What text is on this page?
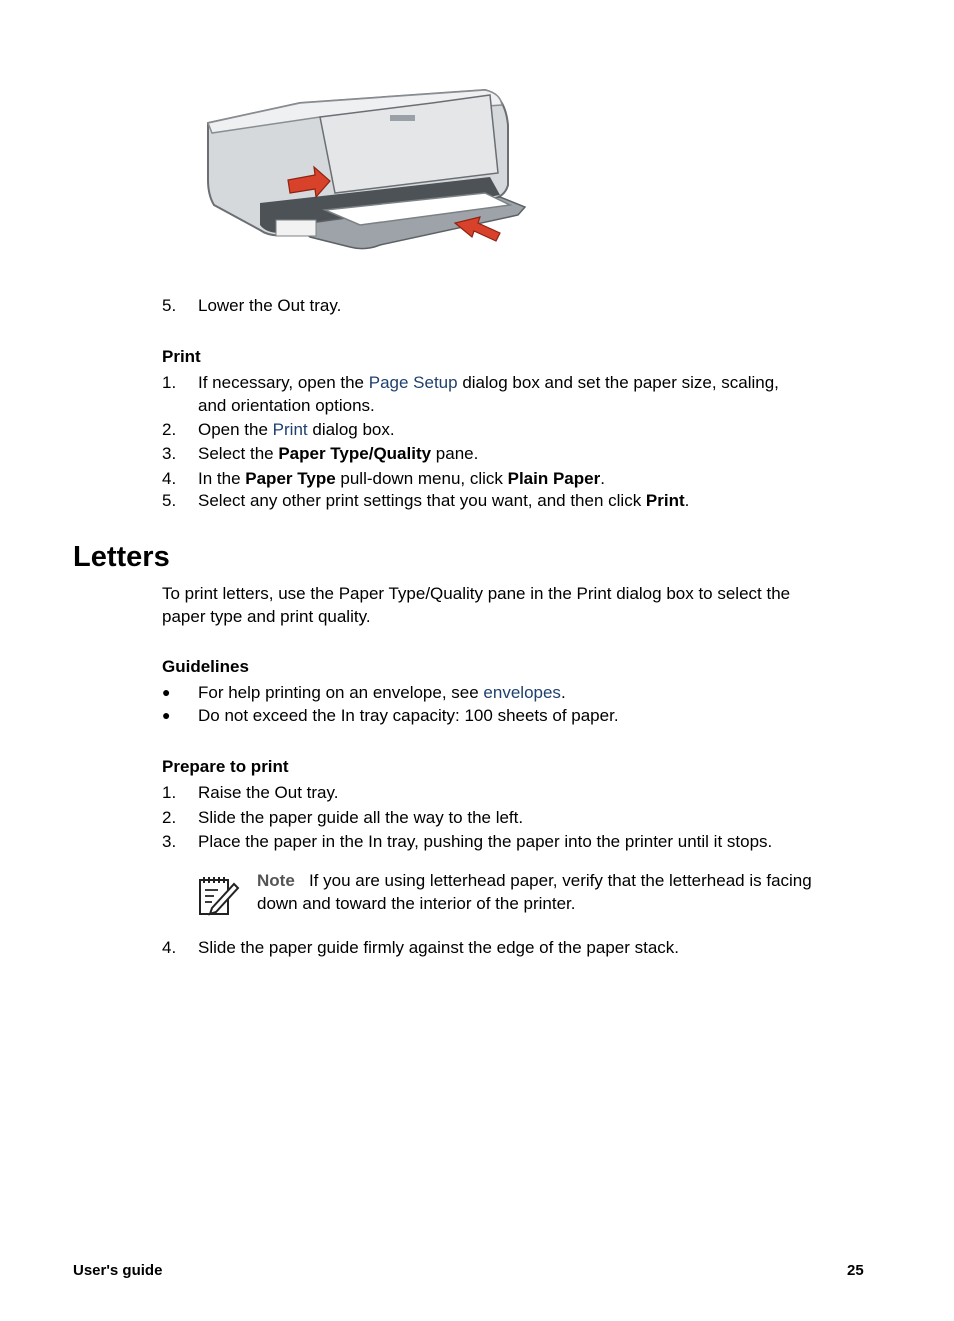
5. Lower the Out tray.
Print
1. If necessary, open the Page Setup dialog box and set the paper size, scaling,
and orientation options.
2. Open the Print dialog box.
3. Select the Paper Type/Quality pane.
4. In the Paper Type pull-down menu, click Plain Paper.
5. Select any other print settings that you want, and then click Print.
Letters
To print letters, use the Paper Type/Quality pane in the Print dialog box to select the
paper type and print quality.
Guidelines
● For help printing on an envelope, see envelopes.
● Do not exceed the In tray capacity: 100 sheets of paper.
Prepare to print
1. Raise the Out tray.
2. Slide the paper guide all the way to the left.
3. Place the paper in the In tray, pushing the paper into the printer until it stops.
Note If you are using letterhead paper, verify that the letterhead is facing
down and toward the interior of the printer.
4. Slide the paper guide firmly against the edge of the paper stack.
User's guide	25
